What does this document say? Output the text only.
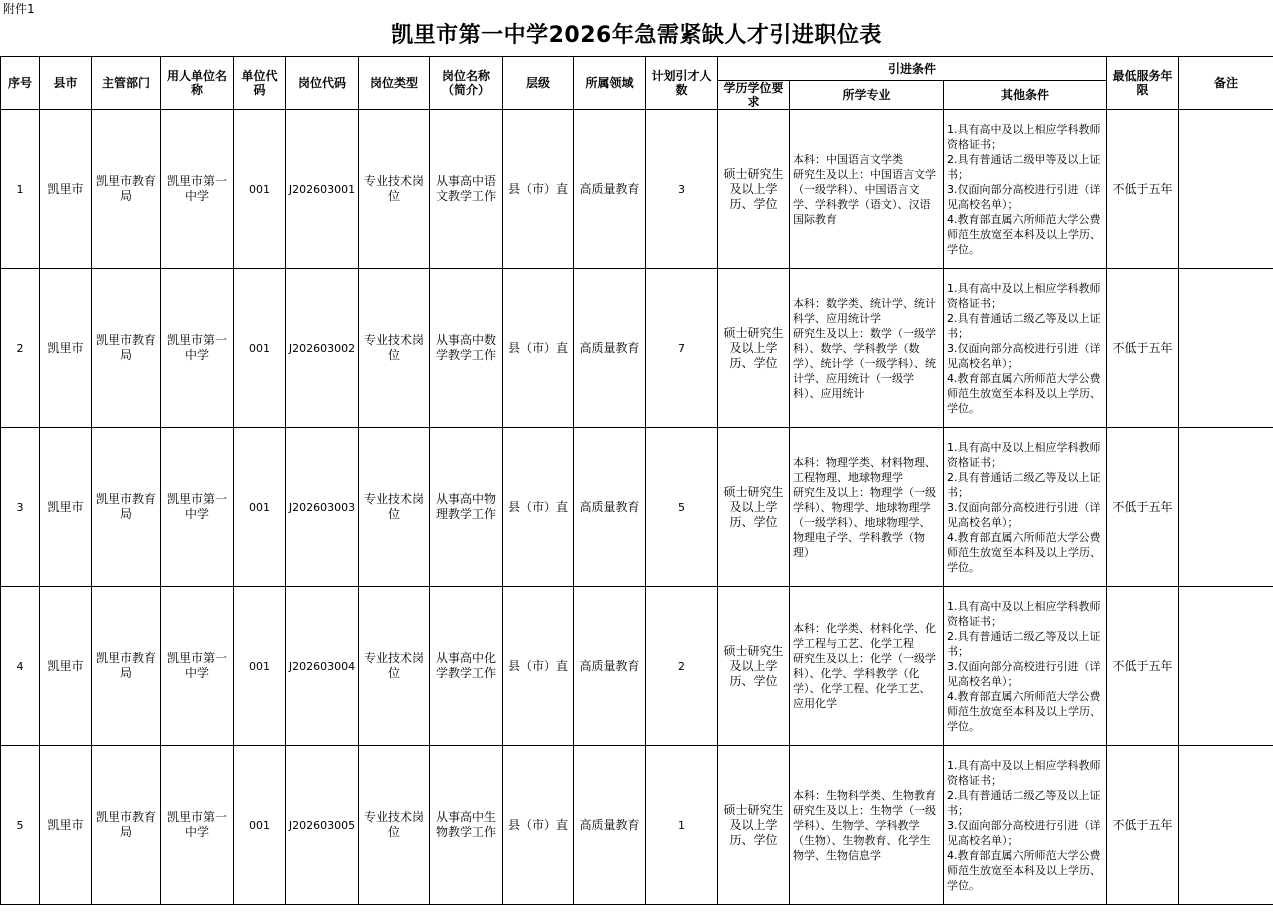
附件1
凯里市第一中学2026年急需紧缺人才引进职位表
序号	县市	主管部门	用人单位名称	单位代码	岗位代码	岗位类型	岗位名称（简介）	层级	所属领域	计划引才人数	引进条件			最低服务年限	备注
											学历学位要求	所学专业	其他条件		
1	凯里市	凯里市教育局	凯里市第一中学	001	J202603001	专业技术岗位	从事高中语文教学工作	县（市）直	高质量教育	3	硕士研究生及以上学历、学位	本科：中国语言文学类
研究生及以上：中国语言文学（一级学科）、中国语言文学、学科教学（语文）、汉语国际教育	1.具有高中及以上相应学科教师资格证书；
2.具有普通话二级甲等及以上证书；
3.仅面向部分高校进行引进（详见高校名单）；
4.教育部直属六所师范大学公费师范生放宽至本科及以上学历、学位。	不低于五年	
2	凯里市	凯里市教育局	凯里市第一中学	001	J202603002	专业技术岗位	从事高中数学教学工作	县（市）直	高质量教育	7	硕士研究生及以上学历、学位	本科：数学类、统计学、统计科学、应用统计学
研究生及以上：数学（一级学科）、数学、学科教学（数学）、统计学（一级学科）、统计学、应用统计（一级学科）、应用统计	1.具有高中及以上相应学科教师资格证书；
2.具有普通话二级乙等及以上证书；
3.仅面向部分高校进行引进（详见高校名单）；
4.教育部直属六所师范大学公费师范生放宽至本科及以上学历、学位。	不低于五年	
3	凯里市	凯里市教育局	凯里市第一中学	001	J202603003	专业技术岗位	从事高中物理教学工作	县（市）直	高质量教育	5	硕士研究生及以上学历、学位	本科：物理学类、材料物理、工程物理、地球物理学
研究生及以上：物理学（一级学科）、物理学、地球物理学（一级学科）、地球物理学、物理电子学、学科教学（物理）	1.具有高中及以上相应学科教师资格证书；
2.具有普通话二级乙等及以上证书；
3.仅面向部分高校进行引进（详见高校名单）；
4.教育部直属六所师范大学公费师范生放宽至本科及以上学历、学位。	不低于五年	
4	凯里市	凯里市教育局	凯里市第一中学	001	J202603004	专业技术岗位	从事高中化学教学工作	县（市）直	高质量教育	2	硕士研究生及以上学历、学位	本科：化学类、材料化学、化学工程与工艺、化学工程
研究生及以上：化学（一级学科）、化学、学科教学（化学）、化学工程、化学工艺、应用化学	1.具有高中及以上相应学科教师资格证书；
2.具有普通话二级乙等及以上证书；
3.仅面向部分高校进行引进（详见高校名单）；
4.教育部直属六所师范大学公费师范生放宽至本科及以上学历、学位。	不低于五年	
5	凯里市	凯里市教育局	凯里市第一中学	001	J202603005	专业技术岗位	从事高中生物教学工作	县（市）直	高质量教育	1	硕士研究生及以上学历、学位	本科：生物科学类、生物教育
研究生及以上：生物学（一级学科）、生物学、学科教学（生物）、生物教育、化学生物学、生物信息学	1.具有高中及以上相应学科教师资格证书；
2.具有普通话二级乙等及以上证书；
3.仅面向部分高校进行引进（详见高校名单）；
4.教育部直属六所师范大学公费师范生放宽至本科及以上学历、学位。	不低于五年	
